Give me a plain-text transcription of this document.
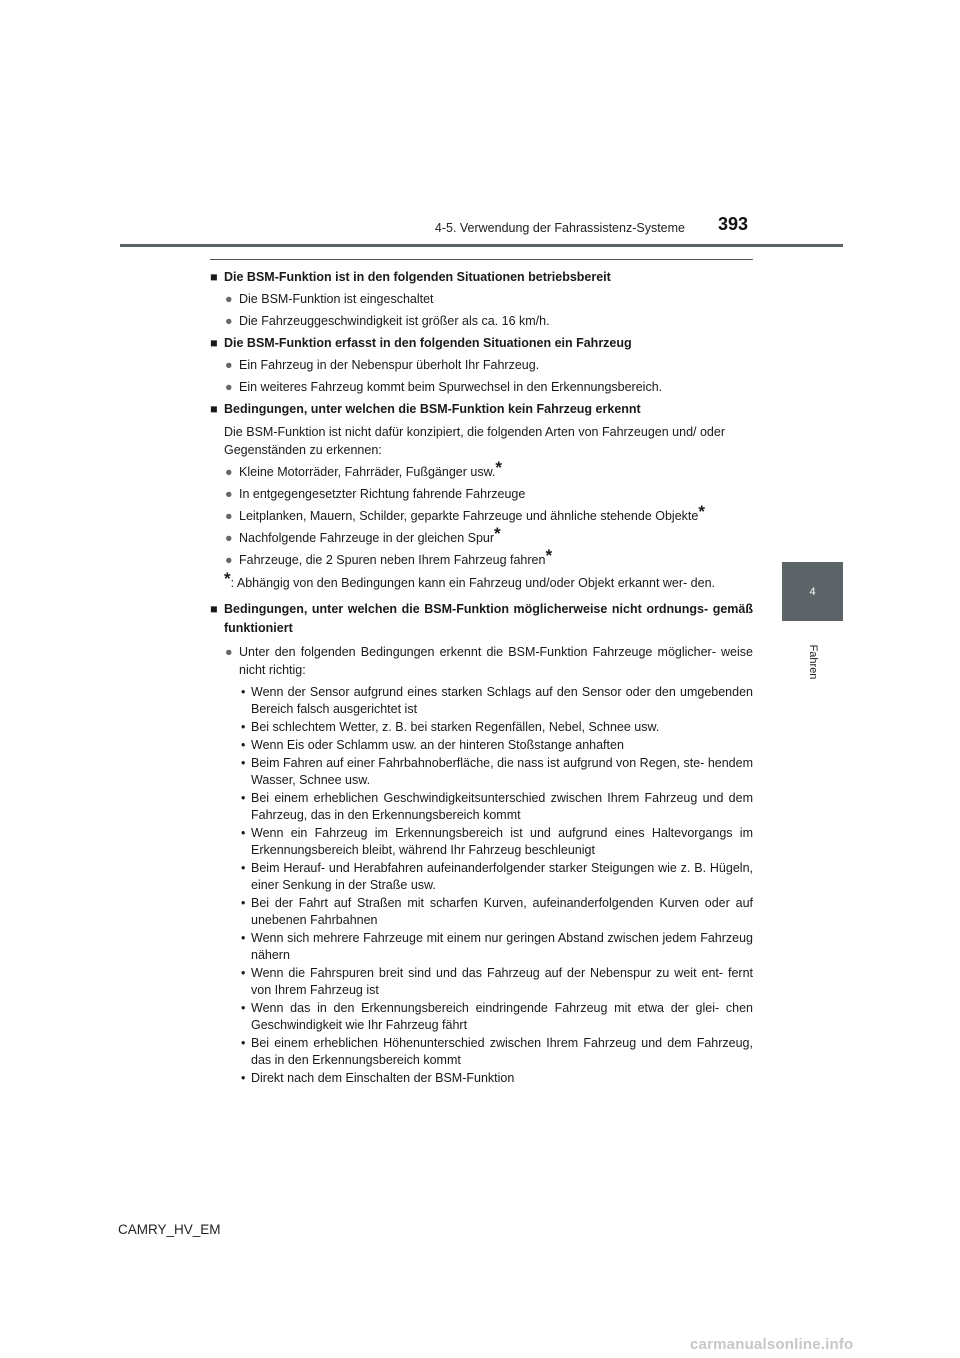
4-5. Verwendung der Fahrassistenz-Systeme 393
4
Fahren
■ Die BSM-Funktion ist in den folgenden Situationen betriebsbereit
● Die BSM-Funktion ist eingeschaltet
● Die Fahrzeuggeschwindigkeit ist größer als ca. 16 km/h.
■ Die BSM-Funktion erfasst in den folgenden Situationen ein Fahrzeug
● Ein Fahrzeug in der Nebenspur überholt Ihr Fahrzeug.
● Ein weiteres Fahrzeug kommt beim Spurwechsel in den Erkennungsbereich.
■ Bedingungen, unter welchen die BSM-Funktion kein Fahrzeug erkennt
Die BSM-Funktion ist nicht dafür konzipiert, die folgenden Arten von Fahrzeugen und/ oder Gegenständen zu erkennen:
● Kleine Motorräder, Fahrräder, Fußgänger usw.*
● In entgegengesetzter Richtung fahrende Fahrzeuge
● Leitplanken, Mauern, Schilder, geparkte Fahrzeuge und ähnliche stehende Objekte*
● Nachfolgende Fahrzeuge in der gleichen Spur*
● Fahrzeuge, die 2 Spuren neben Ihrem Fahrzeug fahren*
*: Abhängig von den Bedingungen kann ein Fahrzeug und/oder Objekt erkannt wer- den.
■ Bedingungen, unter welchen die BSM-Funktion möglicherweise nicht ordnungs- gemäß funktioniert
● Unter den folgenden Bedingungen erkennt die BSM-Funktion Fahrzeuge möglicher- weise nicht richtig:
• Wenn der Sensor aufgrund eines starken Schlags auf den Sensor oder den umgebenden Bereich falsch ausgerichtet ist
• Bei schlechtem Wetter, z. B. bei starken Regenfällen, Nebel, Schnee usw.
• Wenn Eis oder Schlamm usw. an der hinteren Stoßstange anhaften
• Beim Fahren auf einer Fahrbahnoberfläche, die nass ist aufgrund von Regen, ste- hendem Wasser, Schnee usw.
• Bei einem erheblichen Geschwindigkeitsunterschied zwischen Ihrem Fahrzeug und dem Fahrzeug, das in den Erkennungsbereich kommt
• Wenn ein Fahrzeug im Erkennungsbereich ist und aufgrund eines Haltevorgangs im Erkennungsbereich bleibt, während Ihr Fahrzeug beschleunigt
• Beim Herauf- und Herabfahren aufeinanderfolgender starker Steigungen wie z. B. Hügeln, einer Senkung in der Straße usw.
• Bei der Fahrt auf Straßen mit scharfen Kurven, aufeinanderfolgenden Kurven oder auf unebenen Fahrbahnen
• Wenn sich mehrere Fahrzeuge mit einem nur geringen Abstand zwischen jedem Fahrzeug nähern
• Wenn die Fahrspuren breit sind und das Fahrzeug auf der Nebenspur zu weit ent- fernt von Ihrem Fahrzeug ist
• Wenn das in den Erkennungsbereich eindringende Fahrzeug mit etwa der glei- chen Geschwindigkeit wie Ihr Fahrzeug fährt
• Bei einem erheblichen Höhenunterschied zwischen Ihrem Fahrzeug und dem Fahrzeug, das in den Erkennungsbereich kommt
• Direkt nach dem Einschalten der BSM-Funktion
CAMRY_HV_EM
carmanualsonline.info
